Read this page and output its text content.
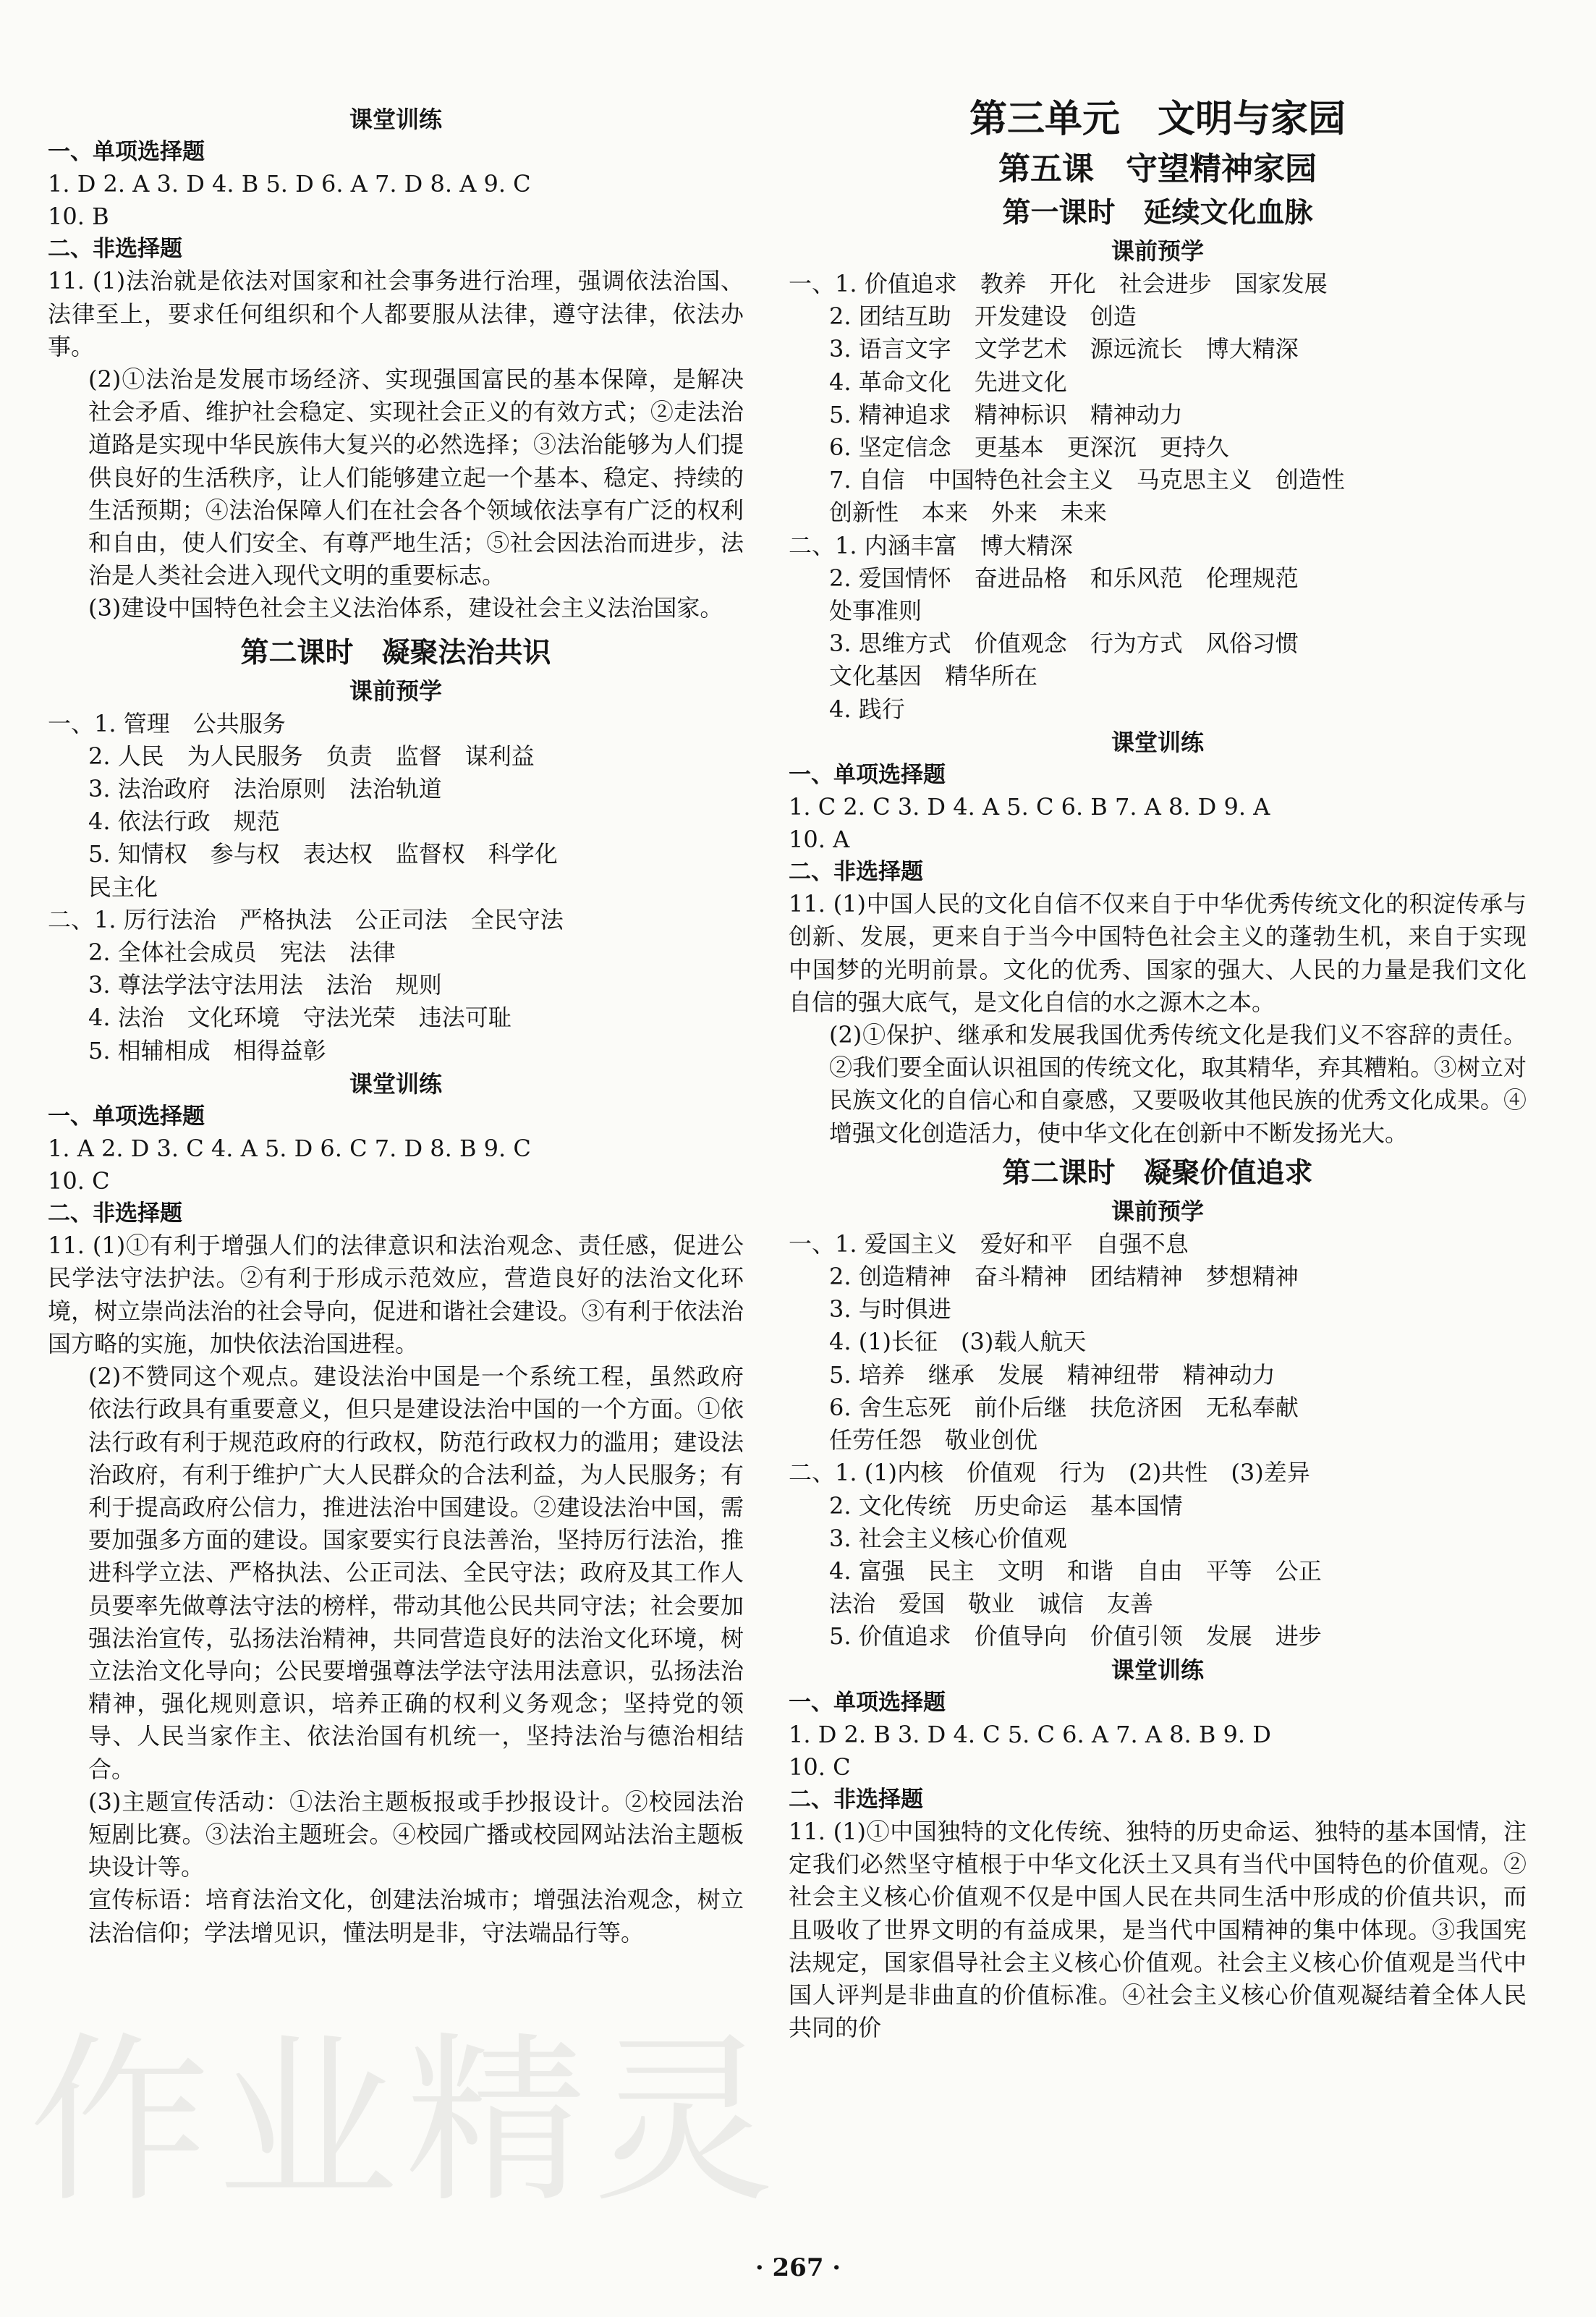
作业精灵
课堂训练
一、单项选择题
1. D 2. A 3. D 4. B 5. D 6. A 7. D 8. A 9. C
10. B
二、非选择题
11. (1)法治就是依法对国家和社会事务进行治理，强调依法治国、法律至上，要求任何组织和个人都要服从法律，遵守法律，依法办事。
(2)①法治是发展市场经济、实现强国富民的基本保障，是解决社会矛盾、维护社会稳定、实现社会正义的有效方式；②走法治道路是实现中华民族伟大复兴的必然选择；③法治能够为人们提供良好的生活秩序，让人们能够建立起一个基本、稳定、持续的生活预期；④法治保障人们在社会各个领域依法享有广泛的权利和自由，使人们安全、有尊严地生活；⑤社会因法治而进步，法治是人类社会进入现代文明的重要标志。
(3)建设中国特色社会主义法治体系，建设社会主义法治国家。
第二课时　凝聚法治共识
课前预学
一、1. 管理　公共服务
2. 人民　为人民服务　负责　监督　谋利益
3. 法治政府　法治原则　法治轨道
4. 依法行政　规范
5. 知情权　参与权　表达权　监督权　科学化
民主化
二、1. 厉行法治　严格执法　公正司法　全民守法
2. 全体社会成员　宪法　法律
3. 尊法学法守法用法　法治　规则
4. 法治　文化环境　守法光荣　违法可耻
5. 相辅相成　相得益彰
课堂训练
一、单项选择题
1. A 2. D 3. C 4. A 5. D 6. C 7. D 8. B 9. C
10. C
二、非选择题
11. (1)①有利于增强人们的法律意识和法治观念、责任感，促进公民学法守法护法。②有利于形成示范效应，营造良好的法治文化环境，树立崇尚法治的社会导向，促进和谐社会建设。③有利于依法治国方略的实施，加快依法治国进程。
(2)不赞同这个观点。建设法治中国是一个系统工程，虽然政府依法行政具有重要意义，但只是建设法治中国的一个方面。①依法行政有利于规范政府的行政权，防范行政权力的滥用；建设法治政府，有利于维护广大人民群众的合法利益，为人民服务；有利于提高政府公信力，推进法治中国建设。②建设法治中国，需要加强多方面的建设。国家要实行良法善治，坚持厉行法治，推进科学立法、严格执法、公正司法、全民守法；政府及其工作人员要率先做尊法守法的榜样，带动其他公民共同守法；社会要加强法治宣传，弘扬法治精神，共同营造良好的法治文化环境，树立法治文化导向；公民要增强尊法学法守法用法意识，弘扬法治精神，强化规则意识，培养正确的权利义务观念；坚持党的领导、人民当家作主、依法治国有机统一，坚持法治与德治相结合。
(3)主题宣传活动：①法治主题板报或手抄报设计。②校园法治短剧比赛。③法治主题班会。④校园广播或校园网站法治主题板块设计等。
宣传标语：培育法治文化，创建法治城市；增强法治观念，树立法治信仰；学法增见识，懂法明是非，守法端品行等。
第三单元　文明与家园
第五课　守望精神家园
第一课时　延续文化血脉
课前预学
一、1. 价值追求　教养　开化　社会进步　国家发展
2. 团结互助　开发建设　创造
3. 语言文字　文学艺术　源远流长　博大精深
4. 革命文化　先进文化
5. 精神追求　精神标识　精神动力
6. 坚定信念　更基本　更深沉　更持久
7. 自信　中国特色社会主义　马克思主义　创造性
创新性　本来　外来　未来
二、1. 内涵丰富　博大精深
2. 爱国情怀　奋进品格　和乐风范　伦理规范
处事准则
3. 思维方式　价值观念　行为方式　风俗习惯
文化基因　精华所在
4. 践行
课堂训练
一、单项选择题
1. C 2. C 3. D 4. A 5. C 6. B 7. A 8. D 9. A
10. A
二、非选择题
11. (1)中国人民的文化自信不仅来自于中华优秀传统文化的积淀传承与创新、发展，更来自于当今中国特色社会主义的蓬勃生机，来自于实现中国梦的光明前景。文化的优秀、国家的强大、人民的力量是我们文化自信的强大底气，是文化自信的水之源木之本。
(2)①保护、继承和发展我国优秀传统文化是我们义不容辞的责任。②我们要全面认识祖国的传统文化，取其精华，弃其糟粕。③树立对民族文化的自信心和自豪感，又要吸收其他民族的优秀文化成果。④增强文化创造活力，使中华文化在创新中不断发扬光大。
第二课时　凝聚价值追求
课前预学
一、1. 爱国主义　爱好和平　自强不息
2. 创造精神　奋斗精神　团结精神　梦想精神
3. 与时俱进
4. (1)长征　(3)载人航天
5. 培养　继承　发展　精神纽带　精神动力
6. 舍生忘死　前仆后继　扶危济困　无私奉献
任劳任怨　敬业创优
二、1. (1)内核　价值观　行为　(2)共性　(3)差异
2. 文化传统　历史命运　基本国情
3. 社会主义核心价值观
4. 富强　民主　文明　和谐　自由　平等　公正
法治　爱国　敬业　诚信　友善
5. 价值追求　价值导向　价值引领　发展　进步
课堂训练
一、单项选择题
1. D 2. B 3. D 4. C 5. C 6. A 7. A 8. B 9. D
10. C
二、非选择题
11. (1)①中国独特的文化传统、独特的历史命运、独特的基本国情，注定我们必然坚守植根于中华文化沃土又具有当代中国特色的价值观。②社会主义核心价值观不仅是中国人民在共同生活中形成的价值共识，而且吸收了世界文明的有益成果，是当代中国精神的集中体现。③我国宪法规定，国家倡导社会主义核心价值观。社会主义核心价值观是当代中国人评判是非曲直的价值标准。④社会主义核心价值观凝结着全体人民共同的价
· 267 ·
